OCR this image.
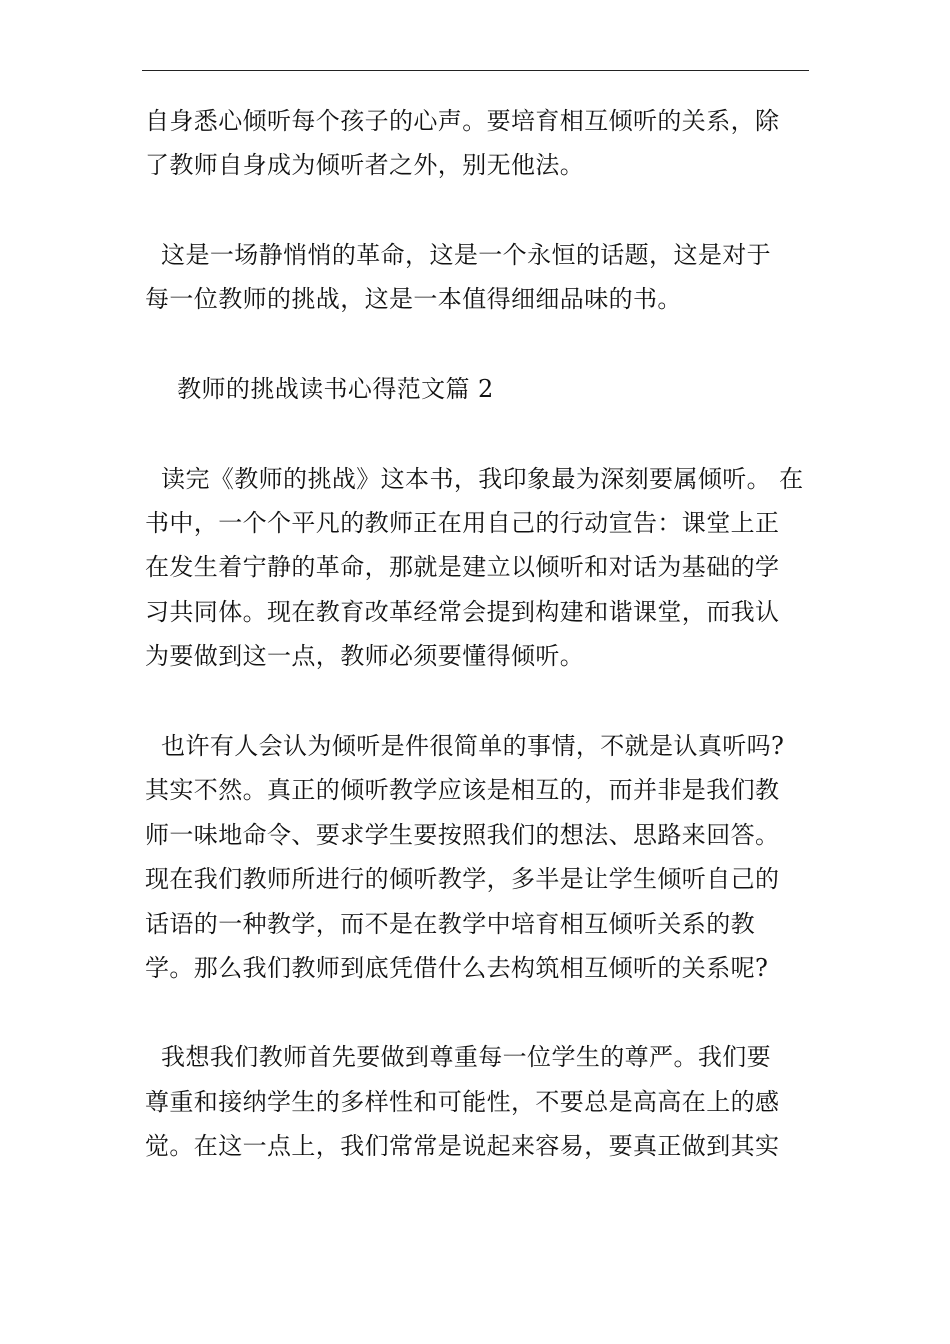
自身悉心倾听每个孩子的心声。要培育相互倾听的关系，除
了教师自身成为倾听者之外，别无他法。
这是一场静悄悄的革命，这是一个永恒的话题，这是对于
每一位教师的挑战，这是一本值得细细品味的书。
教师的挑战读书心得范文篇 2
读完《教师的挑战》这本书，我印象最为深刻要属倾听。 在
书中，一个个平凡的教师正在用自己的行动宣告：课堂上正
在发生着宁静的革命，那就是建立以倾听和对话为基础的学
习共同体。现在教育改革经常会提到构建和谐课堂，而我认
为要做到这一点，教师必须要懂得倾听。
也许有人会认为倾听是件很简单的事情，不就是认真听吗?
其实不然。真正的倾听教学应该是相互的，而并非是我们教
师一味地命令、要求学生要按照我们的想法、思路来回答。
现在我们教师所进行的倾听教学，多半是让学生倾听自己的
话语的一种教学，而不是在教学中培育相互倾听关系的教
学。那么我们教师到底凭借什么去构筑相互倾听的关系呢?
我想我们教师首先要做到尊重每一位学生的尊严。我们要
尊重和接纳学生的多样性和可能性，不要总是高高在上的感
觉。在这一点上，我们常常是说起来容易，要真正做到其实
